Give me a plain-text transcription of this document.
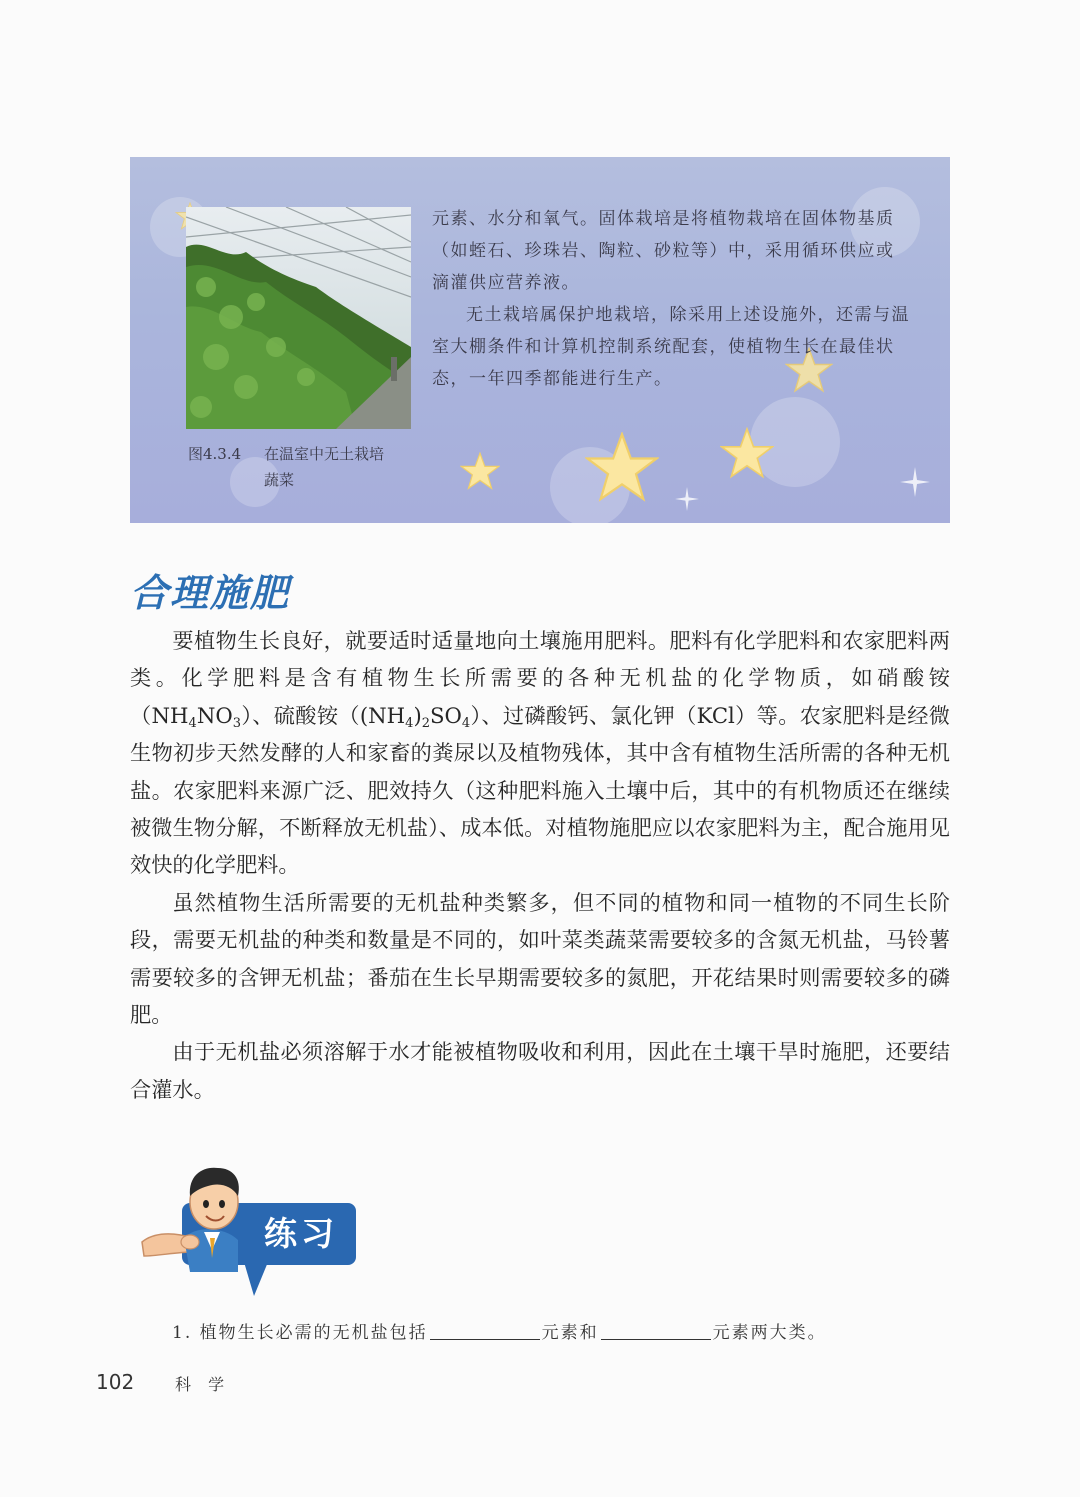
元素、水分和氧气。固体栽培是将植物栽培在固体物基质（如蛭石、珍珠岩、陶粒、砂粒等）中，采用循环供应或滴灌供应营养液。

无土栽培属保护地栽培，除采用上述设施外，还需与温室大棚条件和计算机控制系统配套，使植物生长在最佳状态，一年四季都能进行生产。

图4.3.4 在温室中无土栽培
蔬菜
合理施肥

要植物生长良好，就要适时适量地向土壤施用肥料。肥料有化学肥料和农家肥料两类。化学肥料是含有植物生长所需要的各种无机盐的化学物质，如硝酸铵$(NH_4NO_3)$、硫酸铵$((NH_4)_2SO_4)$、过磷酸钙、氯化钾（KCl）等。农家肥料是经微生物初步天然发酵的人和家畜的粪尿以及植物残体，其中含有植物生活所需的各种无机盐。农家肥料来源广泛、肥效持久（这种肥料施入土壤中后，其中的有机物质还在继续被微生物分解，不断释放无机盐）、成本低。对植物施肥应以农家肥料为主，配合施用见效快的化学肥料。

虽然植物生活所需要的无机盐种类繁多，但不同的植物和同一植物的不同生长阶段，需要无机盐的种类和数量是不同的，如叶菜类蔬菜需要较多的含氮无机盐，马铃薯需要较多的含钾无机盐；番茄在生长早期需要较多的氮肥，开花结果时则需要较多的磷肥。

由于无机盐必须溶解于水才能被植物吸收和利用，因此在土壤干旱时施肥，还要结合灌水。

练习
1. 植物生长必需的无机盐包括	元素和	元素两大类。
102	科 学
